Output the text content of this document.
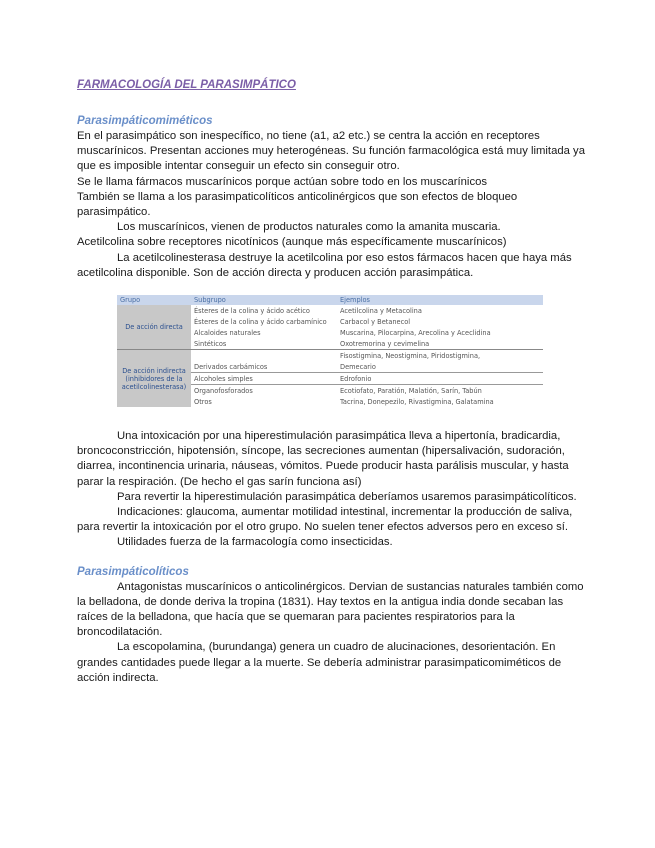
FARMACOLOGÍA DEL PARASIMPÁTICO

Parasimpáticomiméticos

En el parasimpático son inespecífico, no tiene (a1, a2 etc.) se centra la acción en receptores muscarínicos. Presentan acciones muy heterogéneas. Su función farmacológica está muy limitada ya que es imposible intentar conseguir un efecto sin conseguir otro.

Se le llama fármacos muscarínicos porque actúan sobre todo en los muscarínicos

También se llama a los parasimpaticolíticos anticolinérgicos que son efectos de bloqueo parasimpático.

Los muscarínicos, vienen de productos naturales como la amanita muscaria.

Acetilcolina sobre receptores nicotínicos (aunque más específicamente muscarínicos)

La acetilcolinesterasa destruye la acetilcolina por eso estos fármacos hacen que haya más acetilcolina disponible. Son de acción directa y producen acción parasimpática.

Grupo	Subgrupo	Ejemplos
De acción directa	Ésteres de la colina y ácido acético	Acetilcolina y Metacolina
	Ésteres de la colina y ácido carbamínico	Carbacol y Betanecol
	Alcaloides naturales	Muscarina, Pilocarpina, Arecolina y Aceclidina
	Sintéticos	Oxotremorina y cevimelina
De acción indirecta (inhibidores de la acetilcolinesterasa)		Fisostigmina, Neostigmina, Piridostigmina,
	Derivados carbámicos	Demecario
	Alcoholes simples	Edrofonio
	Organofosforados	Ecotiofato, Paratión, Malatión, Sarín, Tabún
	Otros	Tacrina, Donepezilo, Rivastigmina, Galatamina

Una intoxicación por una hiperestimulación parasimpática lleva a hipertonía, bradicardia, broncoconstricción, hipotensión, síncope, las secreciones aumentan (hipersalivación, sudoración, diarrea, incontinencia urinaria, náuseas, vómitos. Puede producir hasta parálisis muscular, y hasta parar la respiración. (De hecho el gas sarín funciona así)

Para revertir la hiperestimulación parasimpática deberíamos usaremos parasimpáticolíticos.

Indicaciones: glaucoma, aumentar motilidad intestinal, incrementar la producción de saliva, para revertir la intoxicación por el otro grupo. No suelen tener efectos adversos pero en exceso sí.

Utilidades fuerza de la farmacología como insecticidas.

Parasimpáticolíticos

Antagonistas muscarínicos o anticolinérgicos. Dervian de sustancias naturales también como la belladona, de donde deriva la tropina (1831). Hay textos en la antigua india donde secaban las raíces de la belladona, que hacía que se quemaran para pacientes respiratorios para la broncodilatación.

La escopolamina, (burundanga) genera un cuadro de alucinaciones, desorientación. En grandes cantidades puede llegar a la muerte. Se debería administrar parasimpaticomiméticos de acción indirecta.
